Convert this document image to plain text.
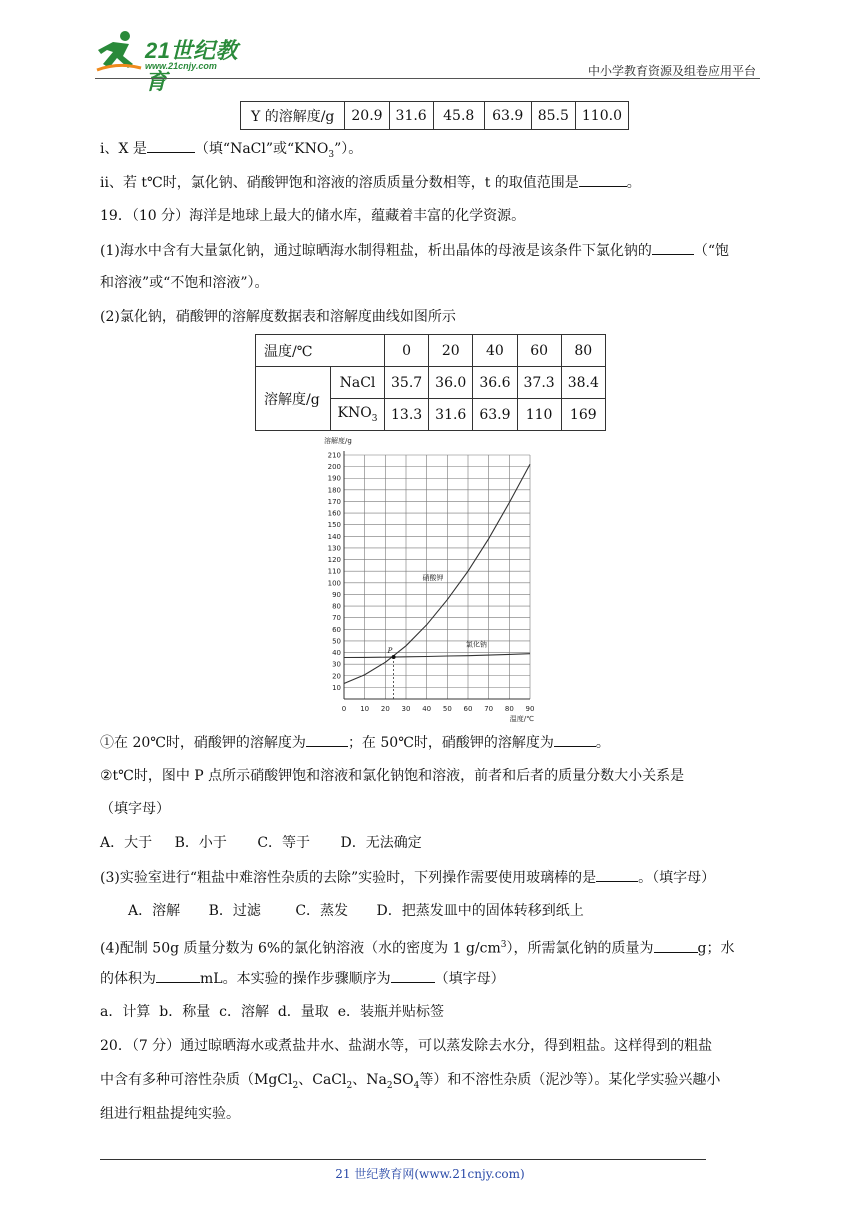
21世纪教育
www.21cnjy.com	中小学教育资源及组卷应用平台
Y 的溶解度/g	20.9	31.6	45.8	63.9	85.5	110.0
i、X 是	（填“NaCl”或“$KNO_3$”）。
ii、若 t℃时，氯化钠、硝酸钾饱和溶液的溶质质量分数相等，t 的取值范围是	。
19．（10 分）海洋是地球上最大的储水库，蕴藏着丰富的化学资源。
(1)海水中含有大量氯化钠，通过晾晒海水制得粗盐，析出晶体的母液是该条件下氯化钠的	（“饱
和溶液”或“不饱和溶液”）。
(2)氯化钠，硝酸钾的溶解度数据表和溶解度曲线如图所示
温度/℃		0	20	40	60	80
溶解度/g	NaCl	35.7	36.0	36.6	37.3	38.4
	$KNO_3$	13.3	31.6	63.9	110	169
0 10 20 30 40 50 60 70 80 90
10
20
30
40
50
60
70
80
90
100
110
120
130
140
150
160
170
180
190
200
210
溶解度/g
温度/℃
硝酸钾
氯化钠
P
①在 20℃时，硝酸钾的溶解度为	；在 50℃时，硝酸钾的溶解度为	。
②t℃时，图中 P 点所示硝酸钾饱和溶液和氯化钠饱和溶液，前者和后者的质量分数大小关系是
（填字母）
A．大于 B．小于 C．等于 D．无法确定
(3)实验室进行“粗盐中难溶性杂质的去除”实验时，下列操作需要使用玻璃棒的是	。（填字母）
A．溶解 B．过滤 C．蒸发 D．把蒸发皿中的固体转移到纸上
(4)配制 50g 质量分数为 6%的氯化钠溶液（水的密度为 1 $g/cm^3$），所需氯化钠的质量为	g；水
的体积为	mL。本实验的操作步骤顺序为	（填字母）
a．计算  b．称量  c．溶解  d．量取  e．装瓶并贴标签
20．（7 分）通过晾晒海水或煮盐井水、盐湖水等，可以蒸发除去水分，得到粗盐。这样得到的粗盐
中含有多种可溶性杂质（MgCl$_2$、CaCl$_2$、$Na_2SO_4$等）和不溶性杂质（泥沙等）。某化学实验兴趣小
组进行粗盐提纯实验。
21 世纪教育网(www.21cnjy.com)
